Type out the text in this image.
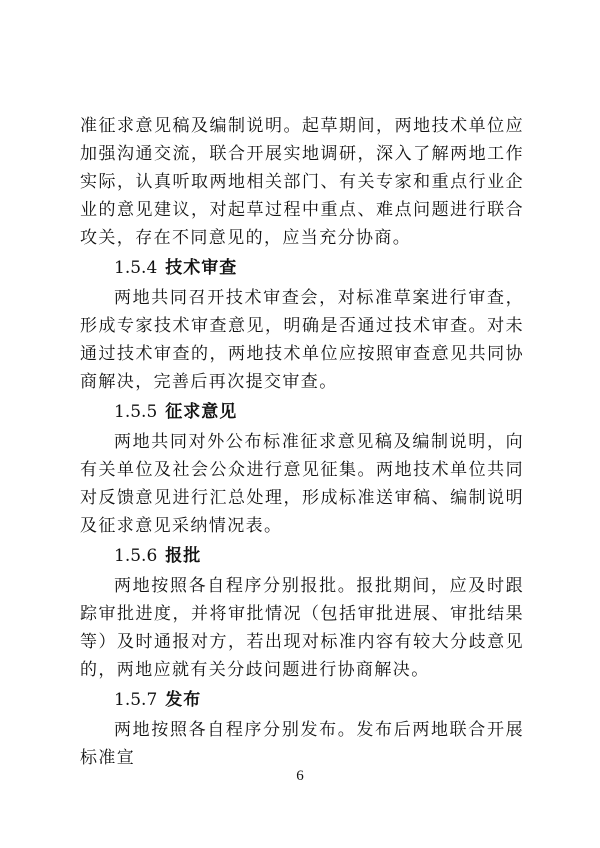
准征求意见稿及编制说明。起草期间，两地技术单位应加强沟通交流，联合开展实地调研，深入了解两地工作实际，认真听取两地相关部门、有关专家和重点行业企业的意见建议，对起草过程中重点、难点问题进行联合攻关，存在不同意见的，应当充分协商。

1.5.4 技术审查

两地共同召开技术审查会，对标准草案进行审查，形成专家技术审查意见，明确是否通过技术审查。对未通过技术审查的，两地技术单位应按照审查意见共同协商解决，完善后再次提交审查。

1.5.5 征求意见

两地共同对外公布标准征求意见稿及编制说明，向有关单位及社会公众进行意见征集。两地技术单位共同对反馈意见进行汇总处理，形成标准送审稿、编制说明及征求意见采纳情况表。

1.5.6 报批

两地按照各自程序分别报批。报批期间，应及时跟踪审批进度，并将审批情况（包括审批进展、审批结果等）及时通报对方，若出现对标准内容有较大分歧意见的，两地应就有关分歧问题进行协商解决。

1.5.7 发布

两地按照各自程序分别发布。发布后两地联合开展标准宣

6
